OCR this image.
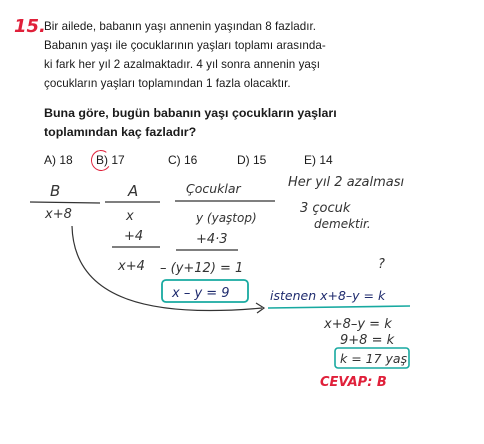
15.
Bir ailede, babanın yaşı annenin yaşından 8 fazladır.
Babanın yaşı ile çocuklarının yaşları toplamı arasında-
ki fark her yıl 2 azalmaktadır. 4 yıl sonra annenin yaşı
çocukların yaşları toplamından 1 fazla olacaktır.
Buna göre, bugün babanın yaşı çocukların yaşları
toplamından kaç fazladır?
A) 18 B) 17	C) 16	D) 15	E) 14
B
x+8
A
x
+4
x+4
Çocuklar
y (yaştop)
+4·3
– (y+12) = 1
x – y = 9
Her yıl 2 azalması
3 çocuk
demektir.
?
istenen x+8–y = k
x+8–y = k
9+8 = k
k = 17 yaş
CEVAP: B
